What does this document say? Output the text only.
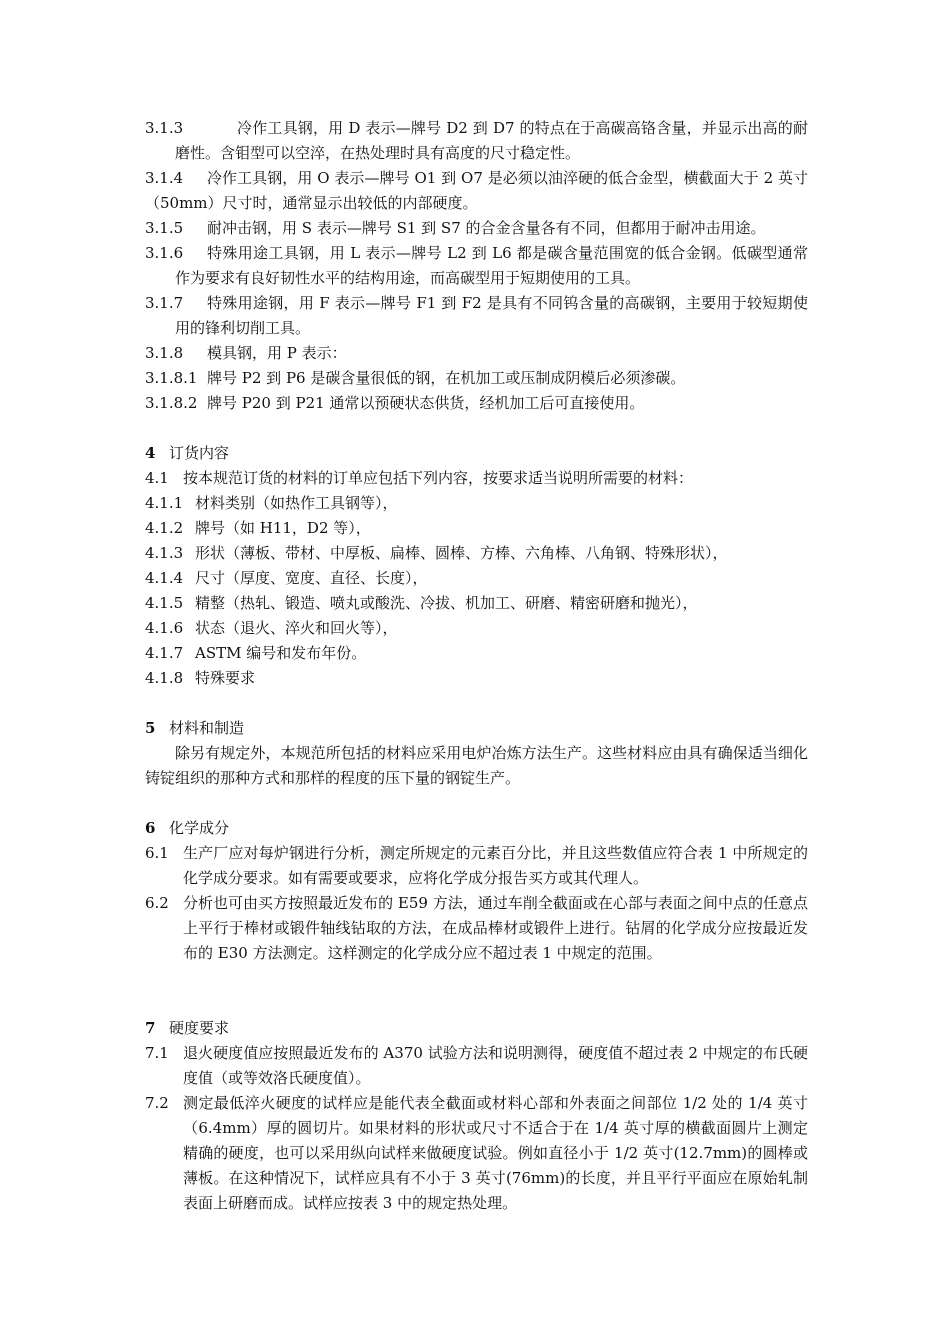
3.1.3	冷作工具钢，用 D 表示—牌号 D2 到 D7 的特点在于高碳高铬含量，并显示出高的耐磨性。含钼型可以空淬，在热处理时具有高度的尺寸稳定性。
3.1.4	冷作工具钢，用 O 表示—牌号 O1 到 O7 是必须以油淬硬的低合金型，横截面大于 2 英寸（50mm）尺寸时，通常显示出较低的内部硬度。
3.1.5	耐冲击钢，用 S 表示—牌号 S1 到 S7 的合金含量各有不同，但都用于耐冲击用途。
3.1.6	特殊用途工具钢，用 L 表示—牌号 L2 到 L6 都是碳含量范围宽的低合金钢。低碳型通常作为要求有良好韧性水平的结构用途，而高碳型用于短期使用的工具。
3.1.7	特殊用途钢，用 F 表示—牌号 F1 到 F2 是具有不同钨含量的高碳钢，主要用于较短期使用的锋利切削工具。
3.1.8	模具钢，用 P 表示：
3.1.8.1 牌号 P2 到 P6 是碳含量很低的钢，在机加工或压制成阴模后必须渗碳。
3.1.8.2 牌号 P20 到 P21 通常以预硬状态供货，经机加工后可直接使用。
4 订货内容
4.1 按本规范订货的材料的订单应包括下列内容，按要求适当说明所需要的材料：
4.1.1 材料类别（如热作工具钢等），
4.1.2 牌号（如 H11，D2 等），
4.1.3 形状（薄板、带材、中厚板、扁棒、圆棒、方棒、六角棒、八角钢、特殊形状），
4.1.4 尺寸（厚度、宽度、直径、长度），
4.1.5 精整（热轧、锻造、喷丸或酸洗、冷拔、机加工、研磨、精密研磨和抛光），
4.1.6 状态（退火、淬火和回火等），
4.1.7 ASTM 编号和发布年份。
4.1.8 特殊要求
5 材料和制造
除另有规定外，本规范所包括的材料应采用电炉冶炼方法生产。这些材料应由具有确保适当细化铸锭组织的那种方式和那样的程度的压下量的钢锭生产。
6 化学成分
6.1 生产厂应对每炉钢进行分析，测定所规定的元素百分比，并且这些数值应符合表 1 中所规定的化学成分要求。如有需要或要求，应将化学成分报告买方或其代理人。
6.2 分析也可由买方按照最近发布的 E59 方法，通过车削全截面或在心部与表面之间中点的任意点上平行于棒材或锻件轴线钻取的方法，在成品棒材或锻件上进行。钻屑的化学成分应按最近发布的 E30 方法测定。这样测定的化学成分应不超过表 1 中规定的范围。
7 硬度要求
7.1 退火硬度值应按照最近发布的 A370 试验方法和说明测得，硬度值不超过表 2 中规定的布氏硬度值（或等效洛氏硬度值）。
7.2 测定最低淬火硬度的试样应是能代表全截面或材料心部和外表面之间部位 1/2 处的 1/4 英寸（6.4mm）厚的圆切片。如果材料的形状或尺寸不适合于在 1/4 英寸厚的横截面圆片上测定精确的硬度，也可以采用纵向试样来做硬度试验。例如直径小于 1/2 英寸(12.7mm)的圆棒或薄板。在这种情况下，试样应具有不小于 3 英寸(76mm)的长度，并且平行平面应在原始轧制表面上研磨而成。试样应按表 3 中的规定热处理。
